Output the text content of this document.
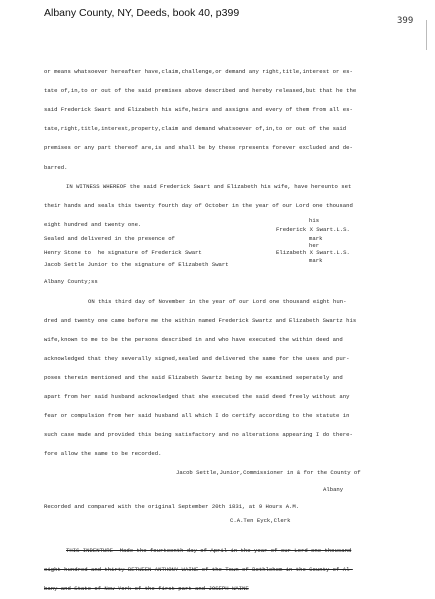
Albany County, NY, Deeds, book 40, p399
399
or means whatsoever hereafter have,claim,challenge,or demand any right,title,interest or es-
tate of,in,to or out of the said premises above described and hereby released,but that he the
said Frederick Swart and Elizabeth his wife,heirs and assigns and every of them from all es-
tate,right,title,interest,property,claim and demand whatsoever of,in,to or out of the said
premises or any part thereof are,is and shall be by these rpresents forever excluded and de-
barred.
IN WITNESS WHEREOF the said Frederick Swart and Elizabeth his wife, have hereunto set
their hands and seals this twenty fourth day of October in the year of our Lord one thousand
eight hundred and twenty one.
his
Frederick X Swart.L.S.
mark
Sealed and delivered in the presence of
her
Elizabeth X Swart.L.S.
mark
Henry Stone to  he signature of Frederick Swart
Jacob Settle Junior to the signature of Elizabeth Swart
Albany County;ss
ON this third day of November in the year of our Lord one thousand eight hun-
dred and twenty one came before me the within named Frederick Swartz and Elizabeth Swartz his
wife,known to me to be the persons described in and who have executed the within deed and
acknowledged that they severally signed,sealed and delivered the same for the uses and pur-
poses therein mentioned and the said Elizabeth Swartz being by me examined seperately and
apart from her said husband acknowledged that she executed the said deed freely without any
fear or compulsion from her said husband all which I do certify according to the statute in
such case made and provided this being satisfactory and no alterations appearing I do there-
fore allow the same to be recorded.
Jacob Settle,Junior,Commissioner in & for the County of
Albany
Recorded and compared with the original September 20th 1831, at 9 Hours A.M.
C.A.Ten Eyck,Clerk
THIS INDENTURE  Made the fourteenth day of April in the year of our Lord one thousand
eight hundred and thirty BETWEEN ANTHONY WAINE of the Town of Bethlehem in the County of Al-
bany and State of New York of the first part and JOSEPH WAINE
